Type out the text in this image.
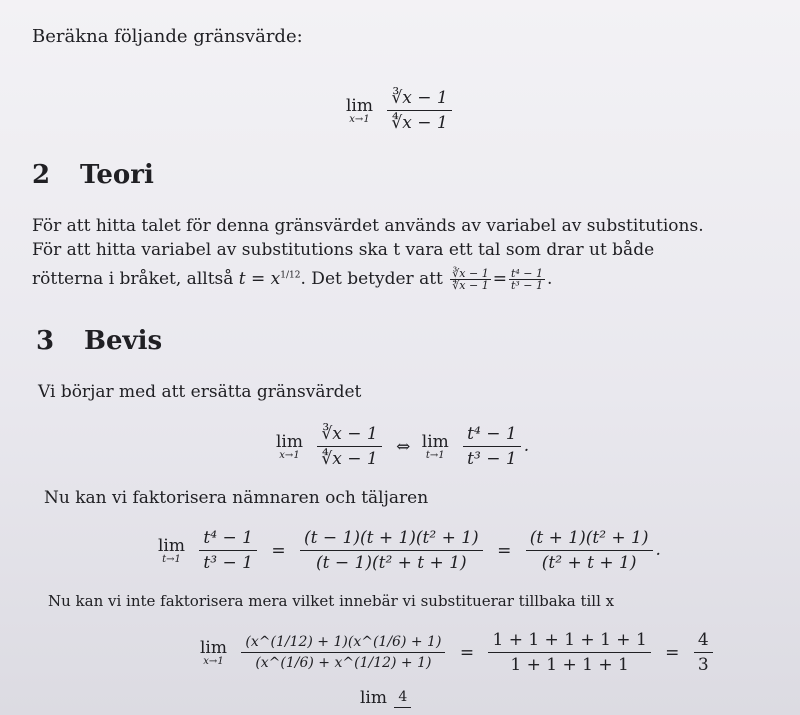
Beräkna följande gränsvärde:
lim
x→1
$\frac{∛x - 1}{∜x - 1}$
2 Teori
För att hitta talet för denna gränsvärdet används av variabel av substitutions.
För att hitta variabel av substitutions ska t vara ett tal som drar ut både
rötterna i bråket, alltså $t = x^{1/12}$. Det betyder att $\frac{∛x - 1}{∜x - 1} = \frac{\text{t⁴ − 1}}{\text{t³ − 1}}$ .
3 Bevis
Vi börjar med att ersätta gränsvärdet
lim
x→1
$\frac{∛x - 1}{∜x - 1}$ ⇔ lim
t→1
$\frac{\text{t⁴ − 1}}{\text{t³ − 1}}$ .
Nu kan vi faktorisera nämnaren och täljaren
lim
t→1
$\frac{\text{t⁴ − 1}}{\text{t³ − 1}} = \frac{\text{(t − 1)(t + 1)(t² + 1)}}{\text{(t − 1)(t² + t + 1)}} = \frac{\text{(t + 1)(t² + 1)}}{\text{(t² + t + 1)}}$ .
Nu kan vi inte faktorisera mera vilket innebär vi substituerar tillbaka till x
lim
x→1
$\frac{(x\^{}(1/12) + 1)(x\^{}(1/6) + 1)}{(x\^{}(1/6) + x\^{}(1/12) + 1)} = \frac{1 + 1 + 1 + 1 + 1}{1 + 1 + 1 + 1} = \frac{4}{3}$
lim 4
